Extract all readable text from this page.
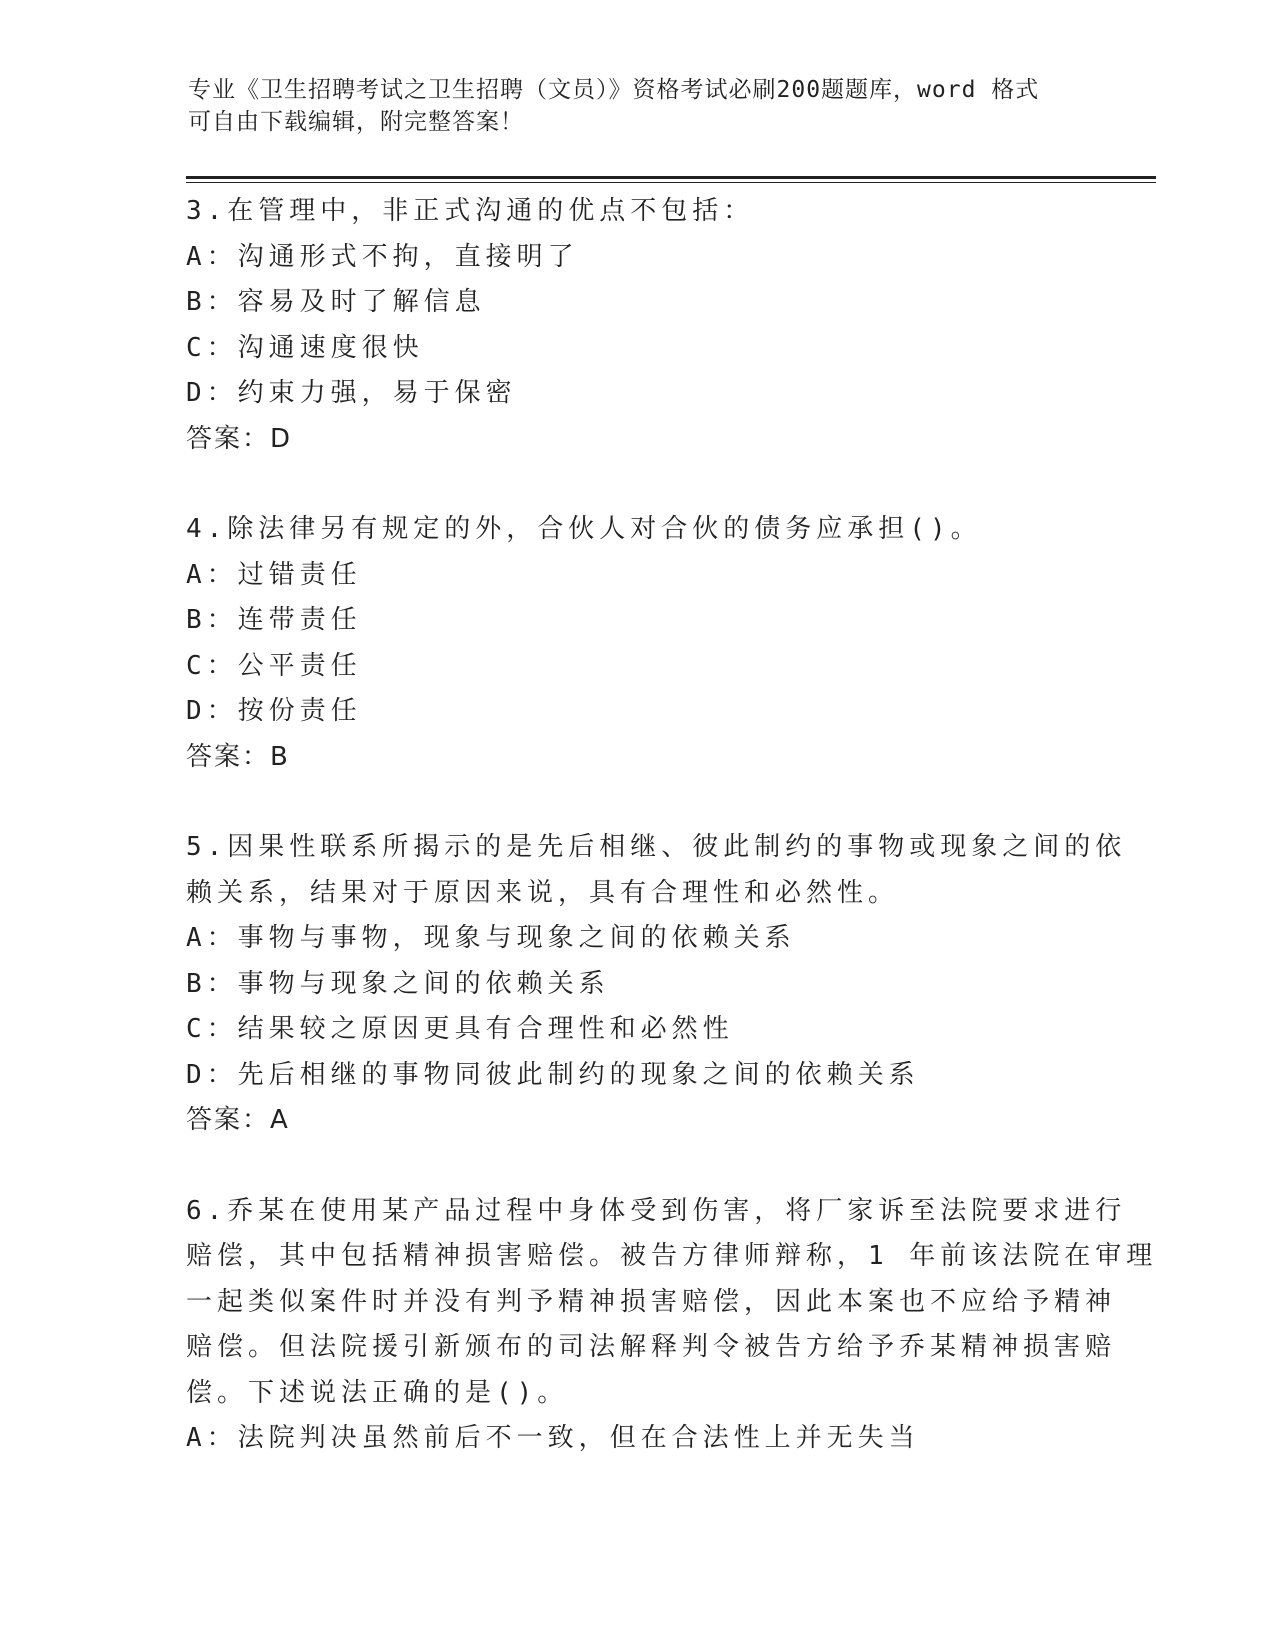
专业《卫生招聘考试之卫生招聘（文员）》资格考试必刷200题题库，word 格式
可自由下载编辑，附完整答案！
3.在管理中，非正式沟通的优点不包括：
A：沟通形式不拘，直接明了
B：容易及时了解信息
C：沟通速度很快
D：约束力强，易于保密
答案：D
4.除法律另有规定的外，合伙人对合伙的债务应承担()。
A：过错责任
B：连带责任
C：公平责任
D：按份责任
答案：B
5.因果性联系所揭示的是先后相继、彼此制约的事物或现象之间的依
赖关系，结果对于原因来说，具有合理性和必然性。
A：事物与事物，现象与现象之间的依赖关系
B：事物与现象之间的依赖关系
C：结果较之原因更具有合理性和必然性
D：先后相继的事物同彼此制约的现象之间的依赖关系
答案：A
6.乔某在使用某产品过程中身体受到伤害，将厂家诉至法院要求进行
赔偿，其中包括精神损害赔偿。被告方律师辩称，1 年前该法院在审理
一起类似案件时并没有判予精神损害赔偿，因此本案也不应给予精神
赔偿。但法院援引新颁布的司法解释判令被告方给予乔某精神损害赔
偿。下述说法正确的是()。
A：法院判决虽然前后不一致，但在合法性上并无失当
